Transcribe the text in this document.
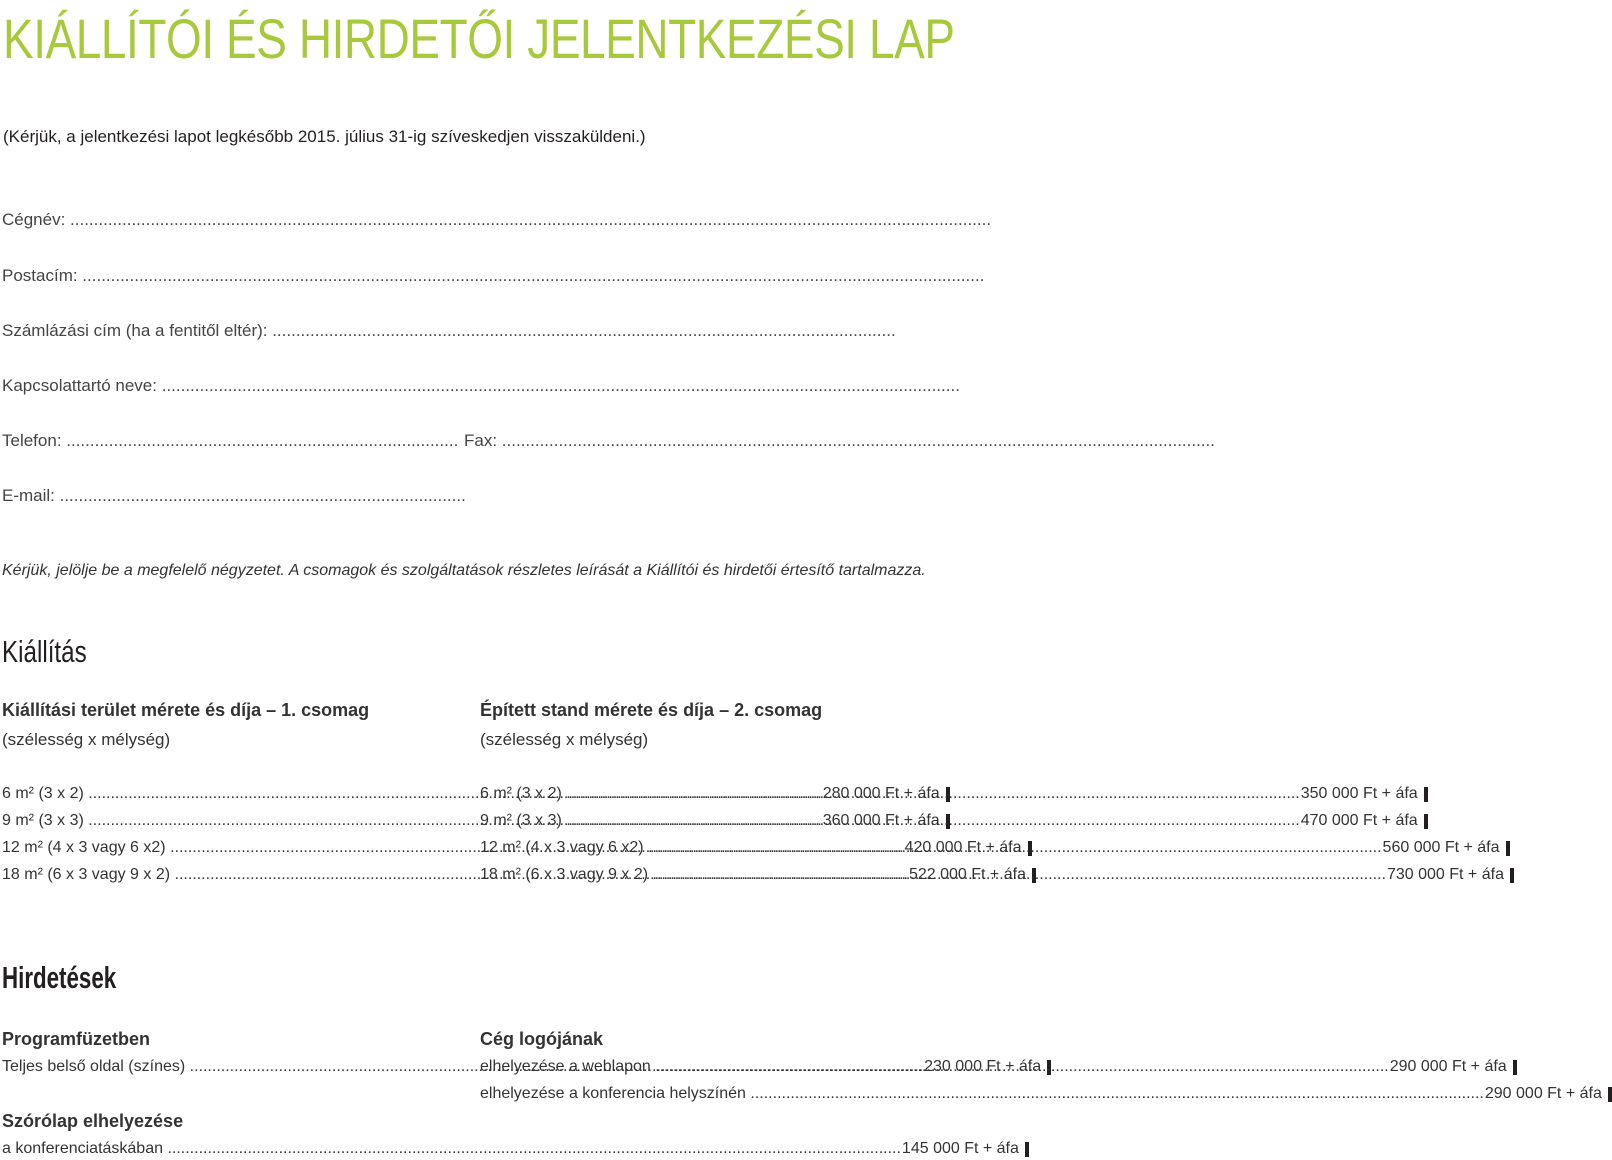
KIÁLLÍTÓI ÉS HIRDETŐI JELENTKEZÉSI LAP
(Kérjük, a jelentkezési lapot legkésőbb 2015. július 31-ig szíveskedjen visszaküldeni.)
Cégnév: ...................................................................................................................................................................................................
Postacím: ...............................................................................................................................................................................................
Számlázási cím (ha a fentitől eltér): ....................................................................................................................................
Kapcsolattartó neve: .........................................................................................................................................................................
Telefon: ................................................................................... Fax: .......................................................................................................................................................
E-mail: ......................................................................................
Kérjük, jelölje be a megfelelő négyzetet. A csomagok és szolgáltatások részletes leírását a Kiállítói és hirdetői értesítő tartalmazza.
Kiállítás
Kiállítási terület mérete és díja – 1. csomag
(szélesség x mélység)
Épített stand mérete és díja – 2. csomag
(szélesség x mélység)
6 m² (3 x 2) .....	280 000 Ft + áfa
9 m² (3 x 3) .....	360 000 Ft + áfa
12 m² (4 x 3 vagy 6 x2) .....	420 000 Ft + áfa
18 m² (6 x 3 vagy 9 x 2) .....	522 000 Ft + áfa
6 m² (3 x 2) .....	350 000 Ft + áfa
9 m² (3 x 3) .....	470 000 Ft + áfa
12 m² (4 x 3 vagy 6 x2) .....	560 000 Ft + áfa
18 m² (6 x 3 vagy 9 x 2) .....	730 000 Ft + áfa
Hirdetések
Programfüzetben
Teljes belső oldal (színes) .....	230 000 Ft + áfa
Szórólap elhelyezése
a konferenciatáskában .....	145 000 Ft + áfa
Cég logójának
elhelyezése a weblapon .....	290 000 Ft + áfa
elhelyezése a konferencia helyszínén .....	290 000 Ft + áfa
